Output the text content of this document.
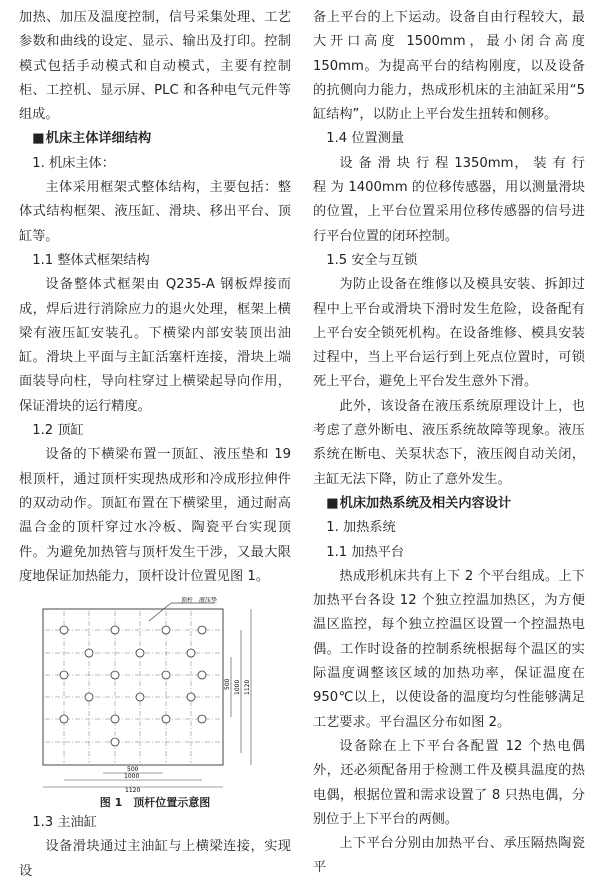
加热、加压及温度控制，信号采集处理、工艺参数和曲线的设定、显示、输出及打印。控制模式包括手动模式和自动模式，主要有控制柜、工控机、显示屏、PLC 和各种电气元件等组成。

■机床主体详细结构

1. 机床主体：

主体采用框架式整体结构，主要包括：整体式结构框架、液压缸、滑块、移出平台、顶缸等。

1.1 整体式框架结构

设备整体式框架由 Q235-A 钢板焊接而成，焊后进行消除应力的退火处理，框架上横梁有液压缸安装孔。下横梁内部安装顶出油缸。滑块上平面与主缸活塞杆连接，滑块上端面装导向柱，导向柱穿过上横梁起导向作用，保证滑块的运行精度。

1.2 顶缸

设备的下横梁布置一顶缸、液压垫和 19 根顶杆，通过顶杆实现热成形和冷成形拉伸件的双动动作。顶缸布置在下横梁里，通过耐高温合金的顶杆穿过水冷板、陶瓷平台实现顶件。为避免加热管与顶杆发生干涉，又最大限度地保证加热能力，顶杆设计位置见图 1。

顶杆 液压垫
500 1000 1120
500
1000
1120

图 1　顶杆位置示意图

1.3 主油缸

设备滑块通过主油缸与上横梁连接，实现设

备上平台的上下运动。设备自由行程较大，最大开口高度 1500mm，最小闭合高度 150mm。为提高平台的结构刚度，以及设备的抗侧向力能力，热成形机床的主油缸采用“5 缸结构”，以防止上平台发生扭转和侧移。

1.4 位置测量

设 备 滑 块 行 程 1350mm， 装 有 行 程 为 1400mm 的位移传感器，用以测量滑块的位置，上平台位置采用位移传感器的信号进行平台位置的闭环控制。

1.5 安全与互锁

为防止设备在维修以及模具安装、拆卸过程中上平台或滑块下滑时发生危险，设备配有上平台安全锁死机构。在设备维修、模具安装过程中，当上平台运行到上死点位置时，可锁死上平台，避免上平台发生意外下滑。

此外，该设备在液压系统原理设计上，也考虑了意外断电、液压系统故障等现象。液压系统在断电、关泵状态下，液压阀自动关闭，主缸无法下降，防止了意外发生。

■机床加热系统及相关内容设计

1. 加热系统

1.1 加热平台

热成形机床共有上下 2 个平台组成。上下加热平台各设 12 个独立控温加热区，为方便温区监控，每个独立控温区设置一个控温热电偶。工作时设备的控制系统根据每个温区的实际温度调整该区域的加热功率，保证温度在 950℃以上，以使设备的温度均匀性能够满足工艺要求。平台温区分布如图 2。

设备除在上下平台各配置 12 个热电偶外，还必须配备用于检测工件及模具温度的热电偶，根据位置和需求设置了 8 只热电偶，分别位于上下平台的两侧。

上下平台分别由加热平台、承压隔热陶瓷平
